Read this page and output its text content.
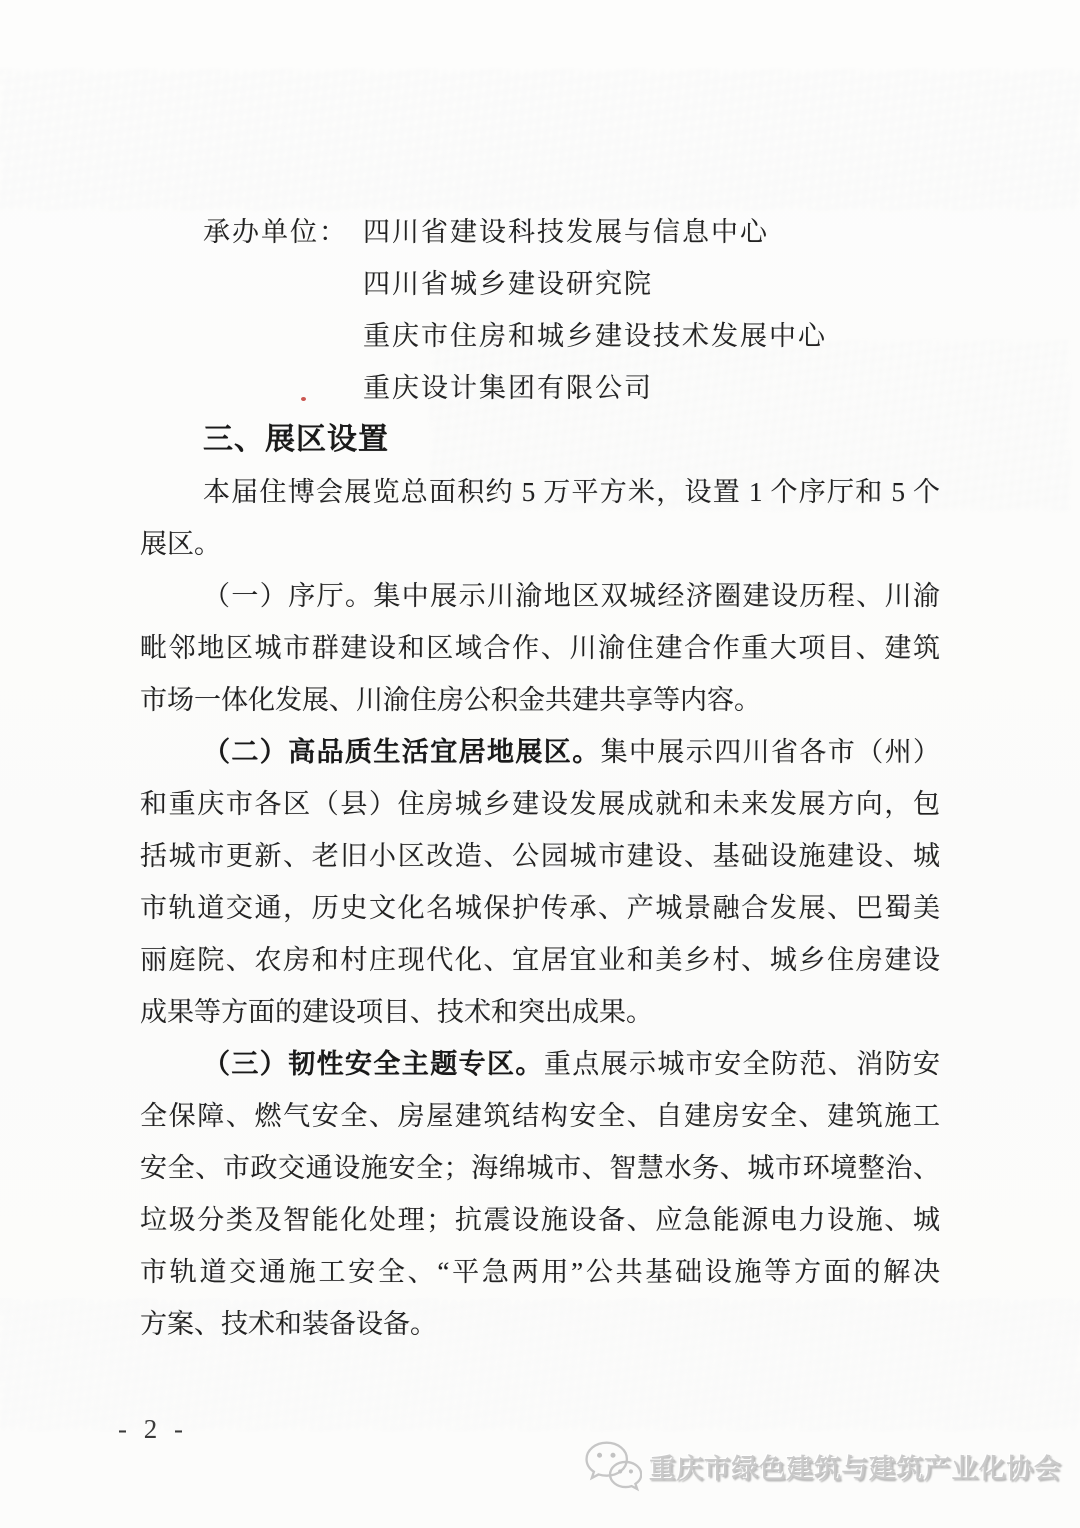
承办单位： 四川省建设科技发展与信息中心
四川省城乡建设研究院
重庆市住房和城乡建设技术发展中心
重庆设计集团有限公司
三、展区设置
本届住博会展览总面积约 5 万平方米，设置 1 个序厅和 5 个
展区。
（一）序厅。集中展示川渝地区双城经济圈建设历程、川渝
毗邻地区城市群建设和区域合作、川渝住建合作重大项目、建筑
市场一体化发展、川渝住房公积金共建共享等内容。
（二）高品质生活宜居地展区。集中展示四川省各市（州）
和重庆市各区（县）住房城乡建设发展成就和未来发展方向，包
括城市更新、老旧小区改造、公园城市建设、基础设施建设、城
市轨道交通，历史文化名城保护传承、产城景融合发展、巴蜀美
丽庭院、农房和村庄现代化、宜居宜业和美乡村、城乡住房建设
成果等方面的建设项目、技术和突出成果。
（三）韧性安全主题专区。重点展示城市安全防范、消防安
全保障、燃气安全、房屋建筑结构安全、自建房安全、建筑施工
安全、市政交通设施安全；海绵城市、智慧水务、城市环境整治、
垃圾分类及智能化处理；抗震设施设备、应急能源电力设施、城
市轨道交通施工安全、“平急两用”公共基础设施等方面的解决
方案、技术和装备设备。
- 2 -
重庆市绿色建筑与建筑产业化协会
